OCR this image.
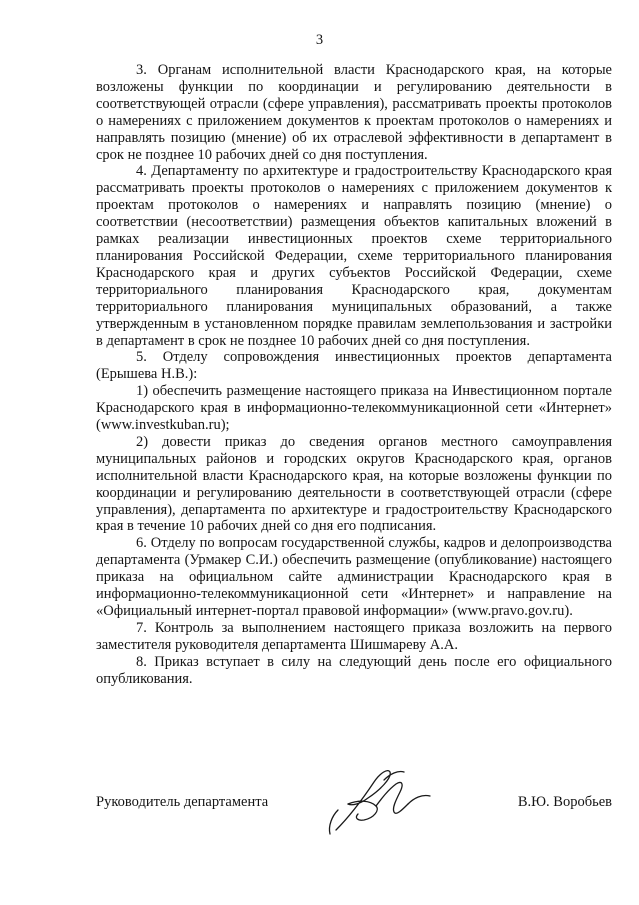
3

3. Органам исполнительной власти Краснодарского края, на которые возложены функции по координации и регулированию деятельности в соответствующей отрасли (сфере управления), рассматривать проекты протоколов о намерениях с приложением документов к проектам протоколов о намерениях и направлять позицию (мнение) об их отраслевой эффективности в департамент в срок не позднее 10 рабочих дней со дня поступления.

4. Департаменту по архитектуре и градостроительству Краснодарского края рассматривать проекты протоколов о намерениях с приложением документов к проектам протоколов о намерениях и направлять позицию (мнение) о соответствии (несоответствии) размещения объектов капитальных вложений в рамках реализации инвестиционных проектов схеме территориального планирования Российской Федерации, схеме территориального планирования Краснодарского края и других субъектов Российской Федерации, схеме территориального планирования Краснодарского края, документам территориального планирования муниципальных образований, а также утвержденным в установленном порядке правилам землепользования и застройки в департамент в срок не позднее 10 рабочих дней со дня поступления.

5. Отделу сопровождения инвестиционных проектов департамента (Ерышева Н.В.):

1) обеспечить размещение настоящего приказа на Инвестиционном портале Краснодарского края в информационно-телекоммуникационной сети «Интернет» (www.investkuban.ru);

2) довести приказ до сведения органов местного самоуправления муниципальных районов и городских округов Краснодарского края, органов исполнительной власти Краснодарского края, на которые возложены функции по координации и регулированию деятельности в соответствующей отрасли (сфере управления), департамента по архитектуре и градостроительству Краснодарского края в течение 10 рабочих дней со дня его подписания.

6. Отделу по вопросам государственной службы, кадров и делопроизводства департамента (Урмакер С.И.) обеспечить размещение (опубликование) настоящего приказа на официальном сайте администрации Краснодарского края в информационно-телекоммуникационной сети «Интернет» и направление на «Официальный интернет-портал правовой информации» (www.pravo.gov.ru).

7. Контроль за выполнением настоящего приказа возложить на первого заместителя руководителя департамента Шишмареву А.А.

8. Приказ вступает в силу на следующий день после его официального опубликования.

Руководитель департамента	В.Ю. Воробьев
